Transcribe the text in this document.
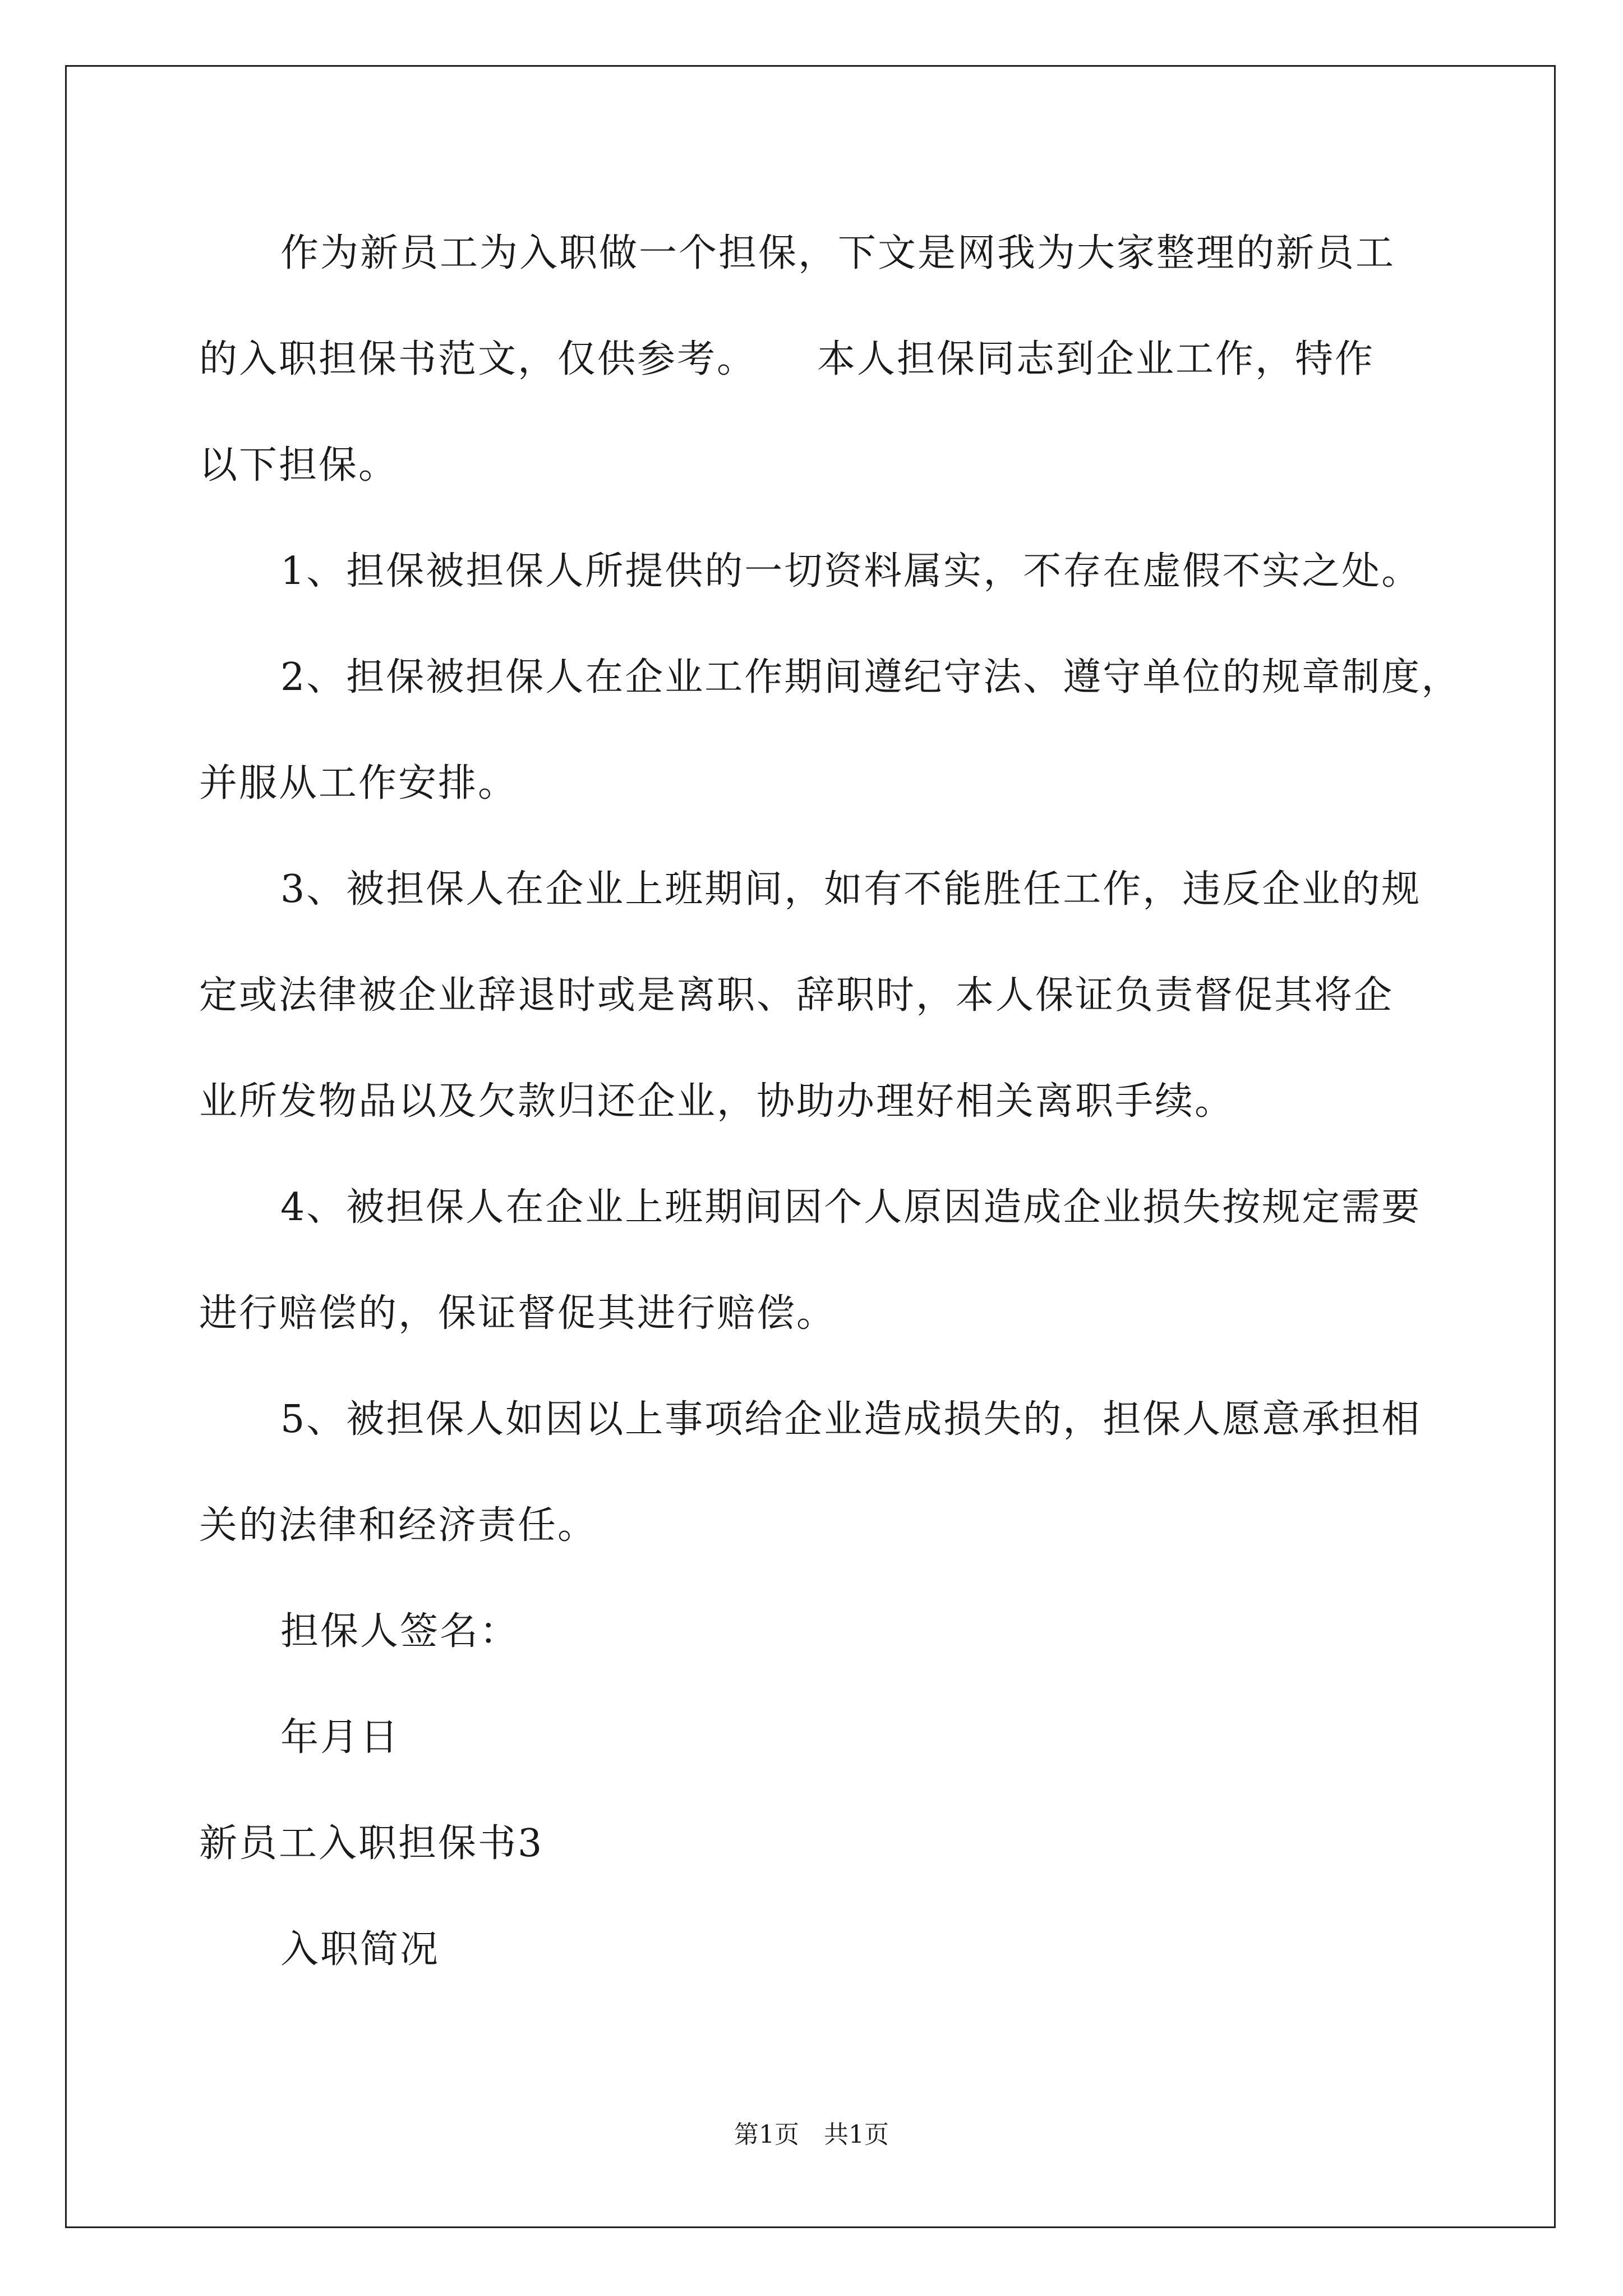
作为新员工为入职做一个担保，下文是网我为大家整理的新员工
的入职担保书范文，仅供参考。　　本人担保同志到企业工作，特作
以下担保。
1、担保被担保人所提供的一切资料属实，不存在虚假不实之处。
2、担保被担保人在企业工作期间遵纪守法、遵守单位的规章制度，
并服从工作安排。
3、被担保人在企业上班期间，如有不能胜任工作，违反企业的规
定或法律被企业辞退时或是离职、辞职时，本人保证负责督促其将企
业所发物品以及欠款归还企业，协助办理好相关离职手续。
4、被担保人在企业上班期间因个人原因造成企业损失按规定需要
进行赔偿的，保证督促其进行赔偿。
5、被担保人如因以上事项给企业造成损失的，担保人愿意承担相
关的法律和经济责任。
担保人签名：
年月日
新员工入职担保书3
入职简况
第1页　共1页
